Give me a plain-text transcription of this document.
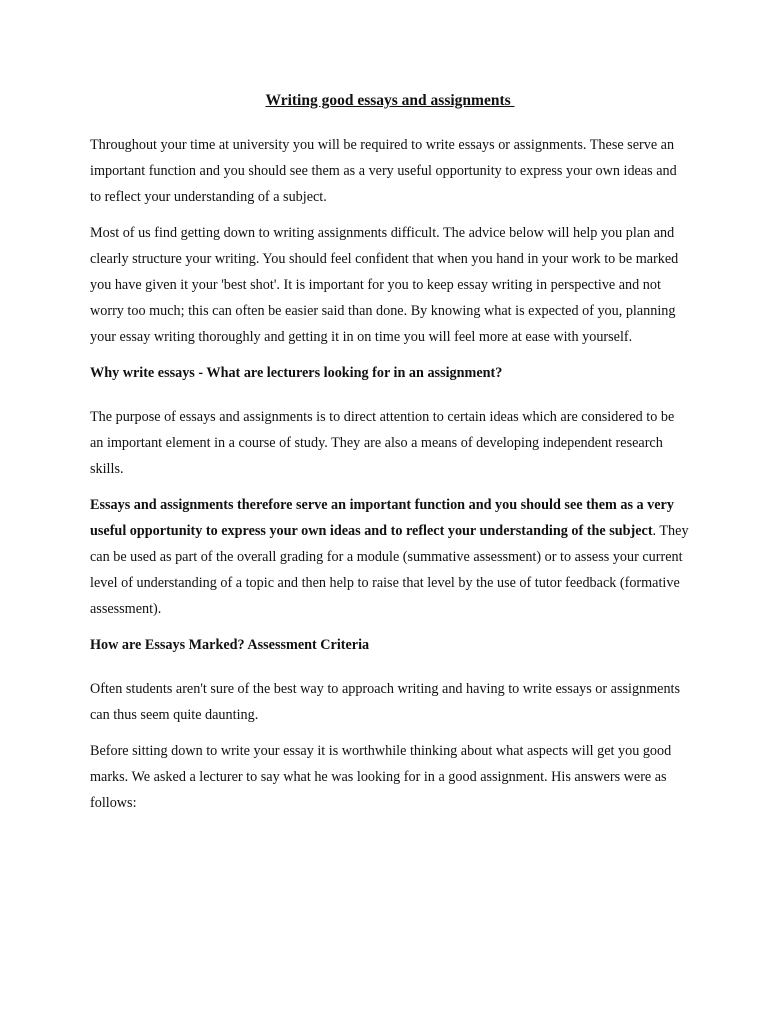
Writing good essays and assignments

Throughout your time at university you will be required to write essays or assignments. These serve an important function and you should see them as a very useful opportunity to express your own ideas and to reflect your understanding of a subject.

Most of us find getting down to writing assignments difficult. The advice below will help you plan and clearly structure your writing. You should feel confident that when you hand in your work to be marked you have given it your 'best shot'. It is important for you to keep essay writing in perspective and not worry too much; this can often be easier said than done. By knowing what is expected of you, planning your essay writing thoroughly and getting it in on time you will feel more at ease with yourself.

Why write essays - What are lecturers looking for in an assignment?

The purpose of essays and assignments is to direct attention to certain ideas which are considered to be an important element in a course of study. They are also a means of developing independent research skills.

Essays and assignments therefore serve an important function and you should see them as a very useful opportunity to express your own ideas and to reflect your understanding of the subject. They can be used as part of the overall grading for a module (summative assessment) or to assess your current level of understanding of a topic and then help to raise that level by the use of tutor feedback (formative assessment).

How are Essays Marked? Assessment Criteria

Often students aren't sure of the best way to approach writing and having to write essays or assignments can thus seem quite daunting.

Before sitting down to write your essay it is worthwhile thinking about what aspects will get you good marks. We asked a lecturer to say what he was looking for in a good assignment. His answers were as follows:
